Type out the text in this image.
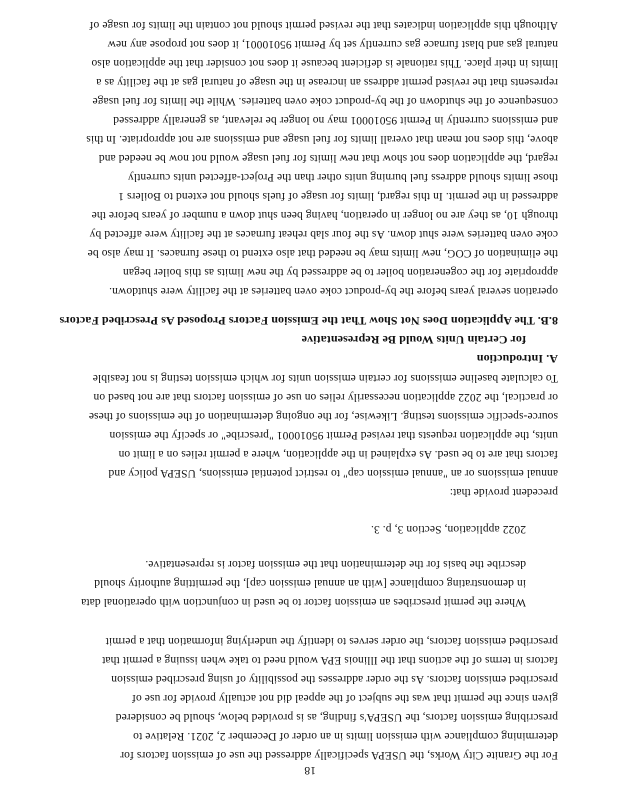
18
For the Granite City Works, the USEPA specifically addressed the use of emission factors for
determining compliance with emission limits in an order of December 2, 2021. Relative to
prescribing emission factors, the USEPA's finding, as is provided below, should be considered
given since the permit that was the subject of the appeal did not actually provide for use of
prescribed emission factors. As the order addresses the possibility of using prescribed emission
factors in terms of the actions that the Illinois EPA would need to take when issuing a permit that
prescribed emission factors, the order serves to identify the underlying information that a permit
Where the permit prescribes an emission factor to be used in conjunction with operational data
in demonstrating compliance [with an annual emission cap], the permitting authority should
describe the basis for the determination that the emission factor is representative.
2022 application, Section 3, p. 3.
precedent provide that:
annual emissions or an "annual emission cap" to restrict potential emissions, USEPA policy and
factors that are to be used. As explained in the application, where a permit relies on a limit on
units, the application requests that revised Permit 95010001 "prescribe" or specify the emission
source-specific emissions testing. Likewise, for the ongoing determination of the emissions of these
or practical, the 2022 application necessarily relies on use of emission factors that are not based on
To calculate baseline emissions for certain emission units for which emission testing is not feasible
A. Introduction
for Certain Units Would Be Representative
8.B. The Application Does Not Show That the Emission Factors Proposed As Prescribed Factors
operation several years before the by-product coke oven batteries at the facility were shutdown.
appropriate for the cogeneration boiler to be addressed by the new limits as this boiler began
the elimination of COG, new limits may be needed that also extend to these furnaces. It may also be
coke oven batteries were shut down. As the four slab reheat furnaces at the facility were affected by
through 10, as they are no longer in operation, having been shut down a number of years before the
addressed in the permit. In this regard, limits for usage of fuels should not extend to Boilers 1
those limits should address fuel burning units other than the Project-affected units currently
regard, the application does not show that new limits for fuel usage would not now be needed and
above, this does not mean that overall limits for fuel usage and emissions are not appropriate. In this
and emissions currently in Permit 95010001 may no longer be relevant, as generally addressed
consequence of the shutdown of the by-product coke oven batteries. While the limits for fuel usage
represents that the revised permit address an increase in the usage of natural gas at the facility as a
limits in their place. This rationale is deficient because it does not consider that the application also
natural gas and blast furnace gas currently set by Permit 95010001, it does not propose any new
Although this application indicates that the revised permit should not contain the limits for usage of
